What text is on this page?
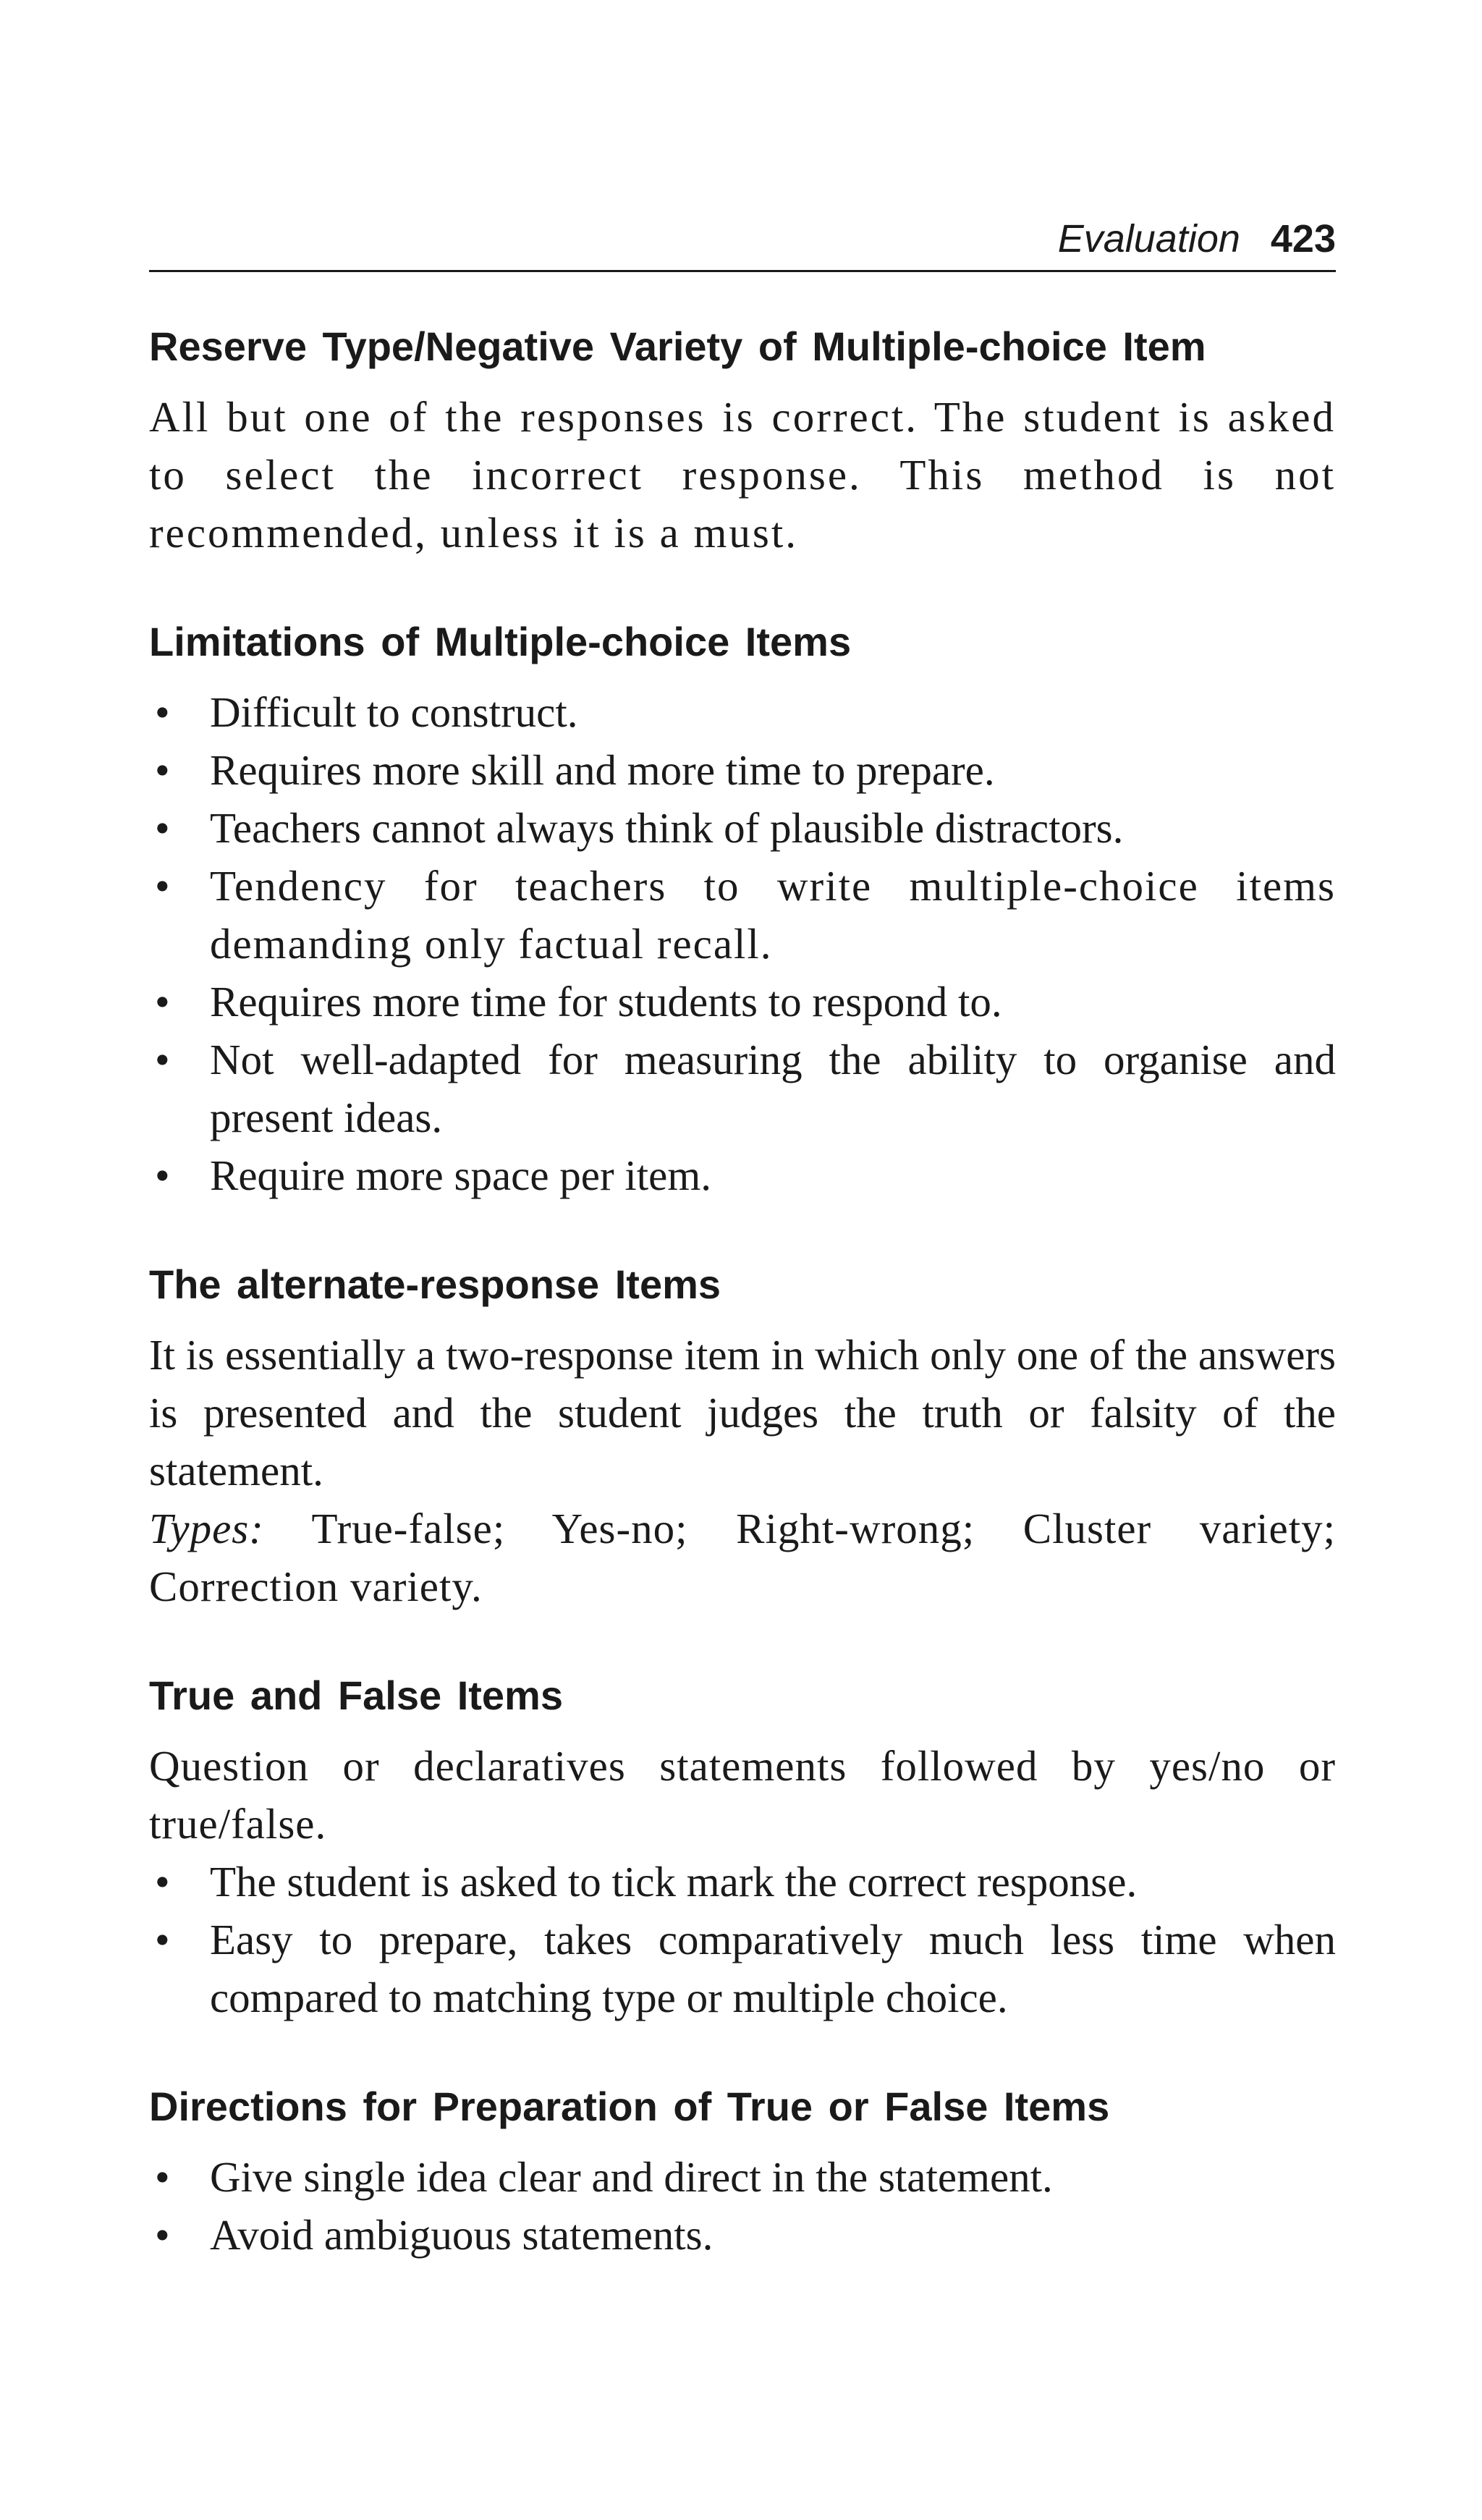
Evaluation 423
Reserve Type/Negative Variety of Multiple-choice Item

All but one of the responses is correct. The student is asked to select the incorrect response. This method is not recommended, unless it is a must.

Limitations of Multiple-choice Items
• Difficult to construct.
• Requires more skill and more time to prepare.
• Teachers cannot always think of plausible distractors.
• Tendency for teachers to write multiple-choice items demanding only factual recall.
• Requires more time for students to respond to.
• Not well-adapted for measuring the ability to organise and present ideas.
• Require more space per item.
The alternate-response Items

It is essentially a two-response item in which only one of the answers is presented and the student judges the truth or falsity of the statement.

Types: True-false; Yes-no; Right-wrong; Cluster variety; Correction variety.

True and False Items

Question or declaratives statements followed by yes/no or true/false.

• The student is asked to tick mark the correct response.
• Easy to prepare, takes comparatively much less time when compared to matching type or multiple choice.
Directions for Preparation of True or False Items
• Give single idea clear and direct in the statement.
• Avoid ambiguous statements.
